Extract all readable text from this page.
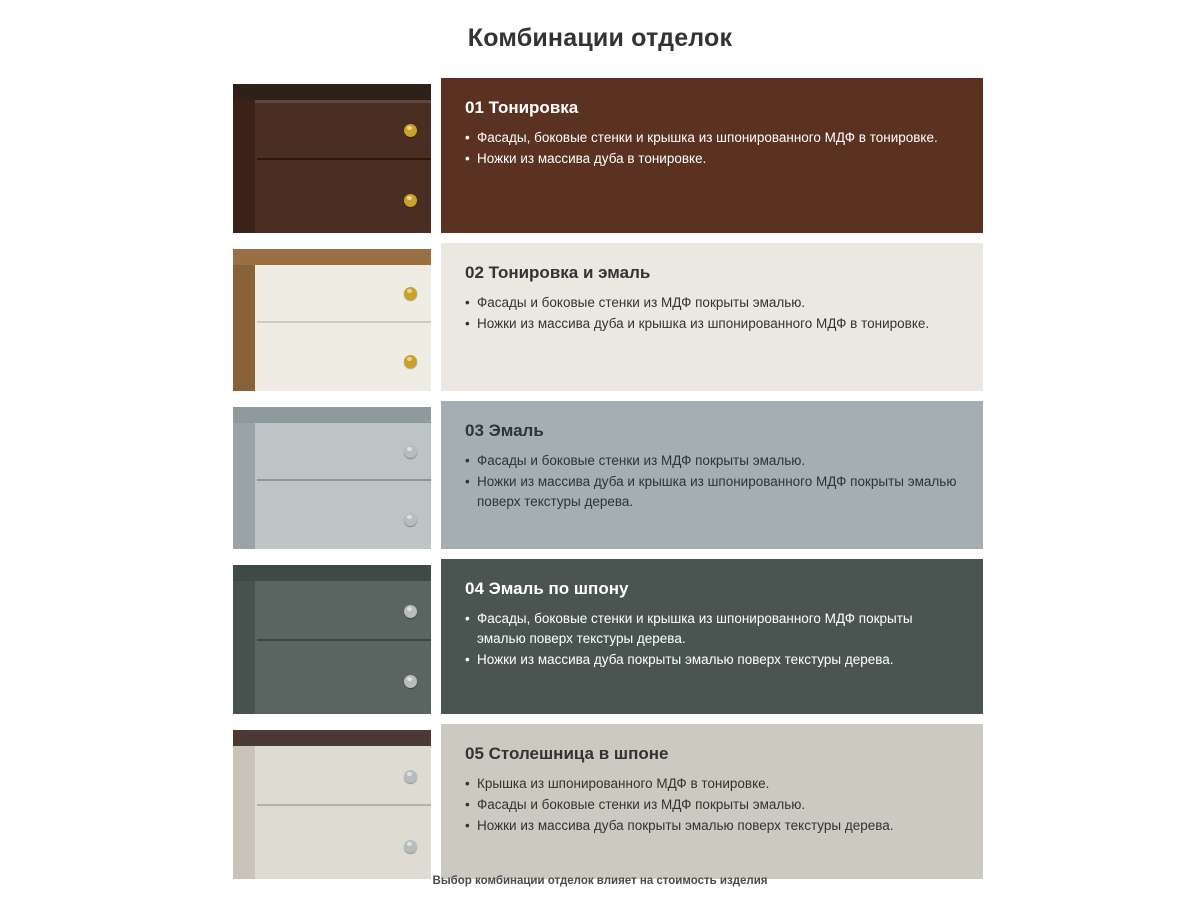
Комбинации отделок
01 Тонировка
• Фасады, боковые стенки и крышка из шпонированного МДФ в тонировке.
• Ножки из массива дуба в тонировке.
02 Тонировка и эмаль
• Фасады и боковые стенки из МДФ покрыты эмалью.
• Ножки из массива дуба и крышка из шпонированного МДФ в тонировке.
03 Эмаль
• Фасады и боковые стенки из МДФ покрыты эмалью.
• Ножки из массива дуба и крышка из шпонированного МДФ покрыты эмалью поверх текстуры дерева.
04 Эмаль по шпону
• Фасады, боковые стенки и крышка из шпонированного МДФ покрыты эмалью поверх текстуры дерева.
• Ножки из массива дуба покрыты эмалью поверх текстуры дерева.
05 Столешница в шпоне
• Крышка из шпонированного МДФ в тонировке.
• Фасады и боковые стенки из МДФ покрыты эмалью.
• Ножки из массива дуба покрыты эмалью поверх текстуры дерева.
Выбор комбинации отделок влияет на стоимость изделия
